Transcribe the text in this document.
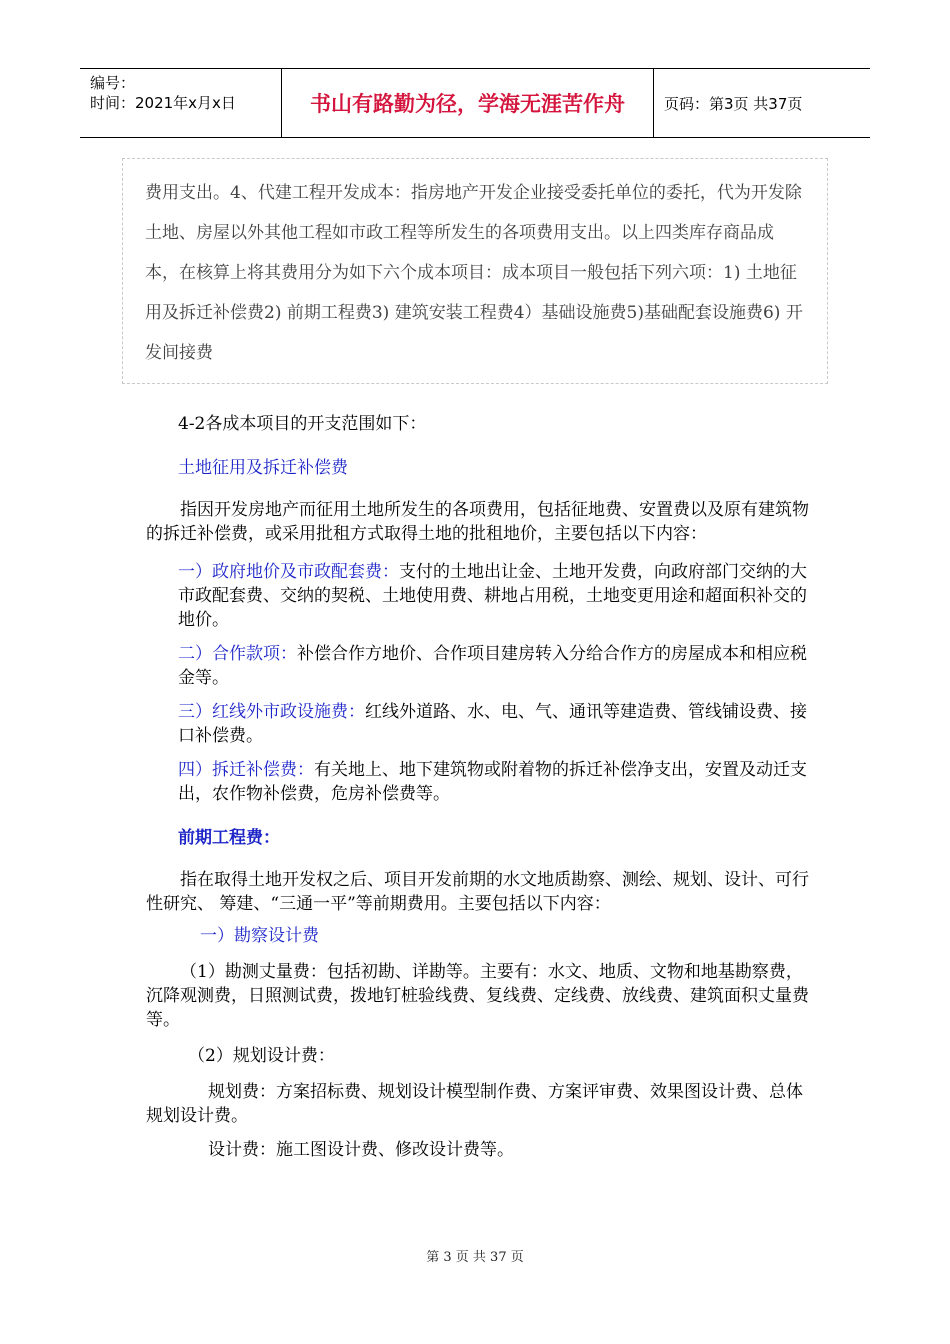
编号：
时间：2021年x月x日	书山有路勤为径，学海无涯苦作舟	页码：第3页 共37页
费用支出。4、代建工程开发成本：指房地产开发企业接受委托单位的委托，代为开发除土地、房屋以外其他工程如市政工程等所发生的各项费用支出。以上四类库存商品成本，在核算上将其费用分为如下六个成本项目：成本项目一般包括下列六项：1) 土地征用及拆迁补偿费2) 前期工程费3) 建筑安装工程费4）基础设施费5)基础配套设施费6) 开发间接费

4-2各成本项目的开支范围如下：

土地征用及拆迁补偿费

指因开发房地产而征用土地所发生的各项费用，包括征地费、安置费以及原有建筑物的拆迁补偿费，或采用批租方式取得土地的批租地价，主要包括以下内容：

一）政府地价及市政配套费：支付的土地出让金、土地开发费，向政府部门交纳的大市政配套费、交纳的契税、土地使用费、耕地占用税，土地变更用途和超面积补交的地价。

二）合作款项：补偿合作方地价、合作项目建房转入分给合作方的房屋成本和相应税金等。

三）红线外市政设施费：红线外道路、水、电、气、通讯等建造费、管线铺设费、接口补偿费。

四）拆迁补偿费：有关地上、地下建筑物或附着物的拆迁补偿净支出，安置及动迁支出，农作物补偿费，危房补偿费等。

前期工程费：

指在取得土地开发权之后、项目开发前期的水文地质勘察、测绘、规划、设计、可行性研究、 筹建、“三通一平”等前期费用。主要包括以下内容：

一）勘察设计费

（1）勘测丈量费：包括初勘、详勘等。主要有：水文、地质、文物和地基勘察费，沉降观测费，日照测试费，拨地钉桩验线费、复线费、定线费、放线费、建筑面积丈量费等。

（2）规划设计费：

规划费：方案招标费、规划设计模型制作费、方案评审费、效果图设计费、总体规划设计费。

设计费：施工图设计费、修改设计费等。

第 3 页 共 37 页
